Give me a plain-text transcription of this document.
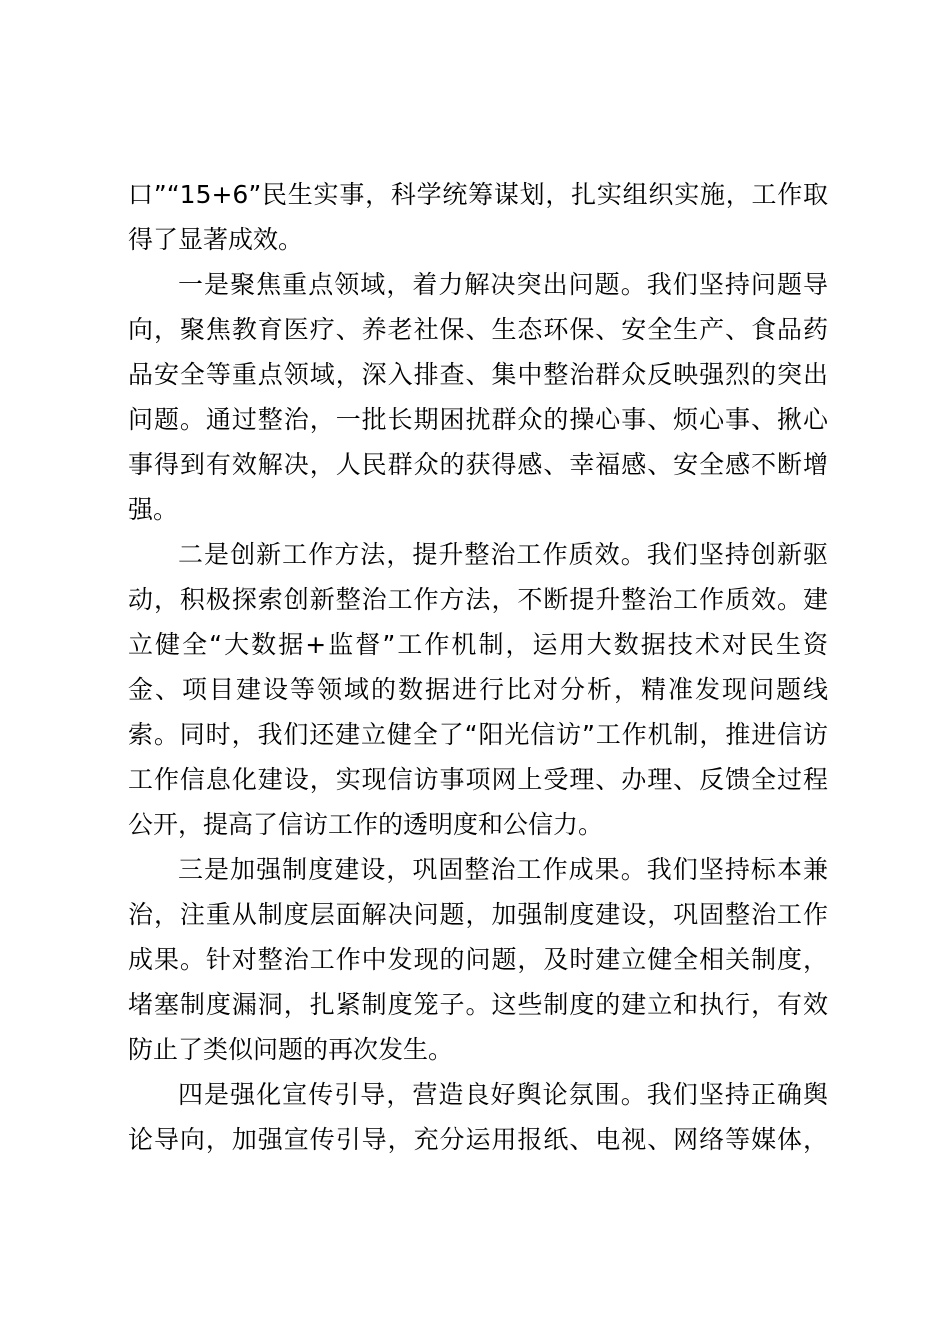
口”“15+6”民生实事，科学统筹谋划，扎实组织实施，工作取
得了显著成效。
一是聚焦重点领域，着力解决突出问题。我们坚持问题导
向，聚焦教育医疗、养老社保、生态环保、安全生产、食品药
品安全等重点领域，深入排查、集中整治群众反映强烈的突出
问题。通过整治，一批长期困扰群众的操心事、烦心事、揪心
事得到有效解决，人民群众的获得感、幸福感、安全感不断增
强。
二是创新工作方法，提升整治工作质效。我们坚持创新驱
动，积极探索创新整治工作方法，不断提升整治工作质效。建
立健全“大数据+监督”工作机制，运用大数据技术对民生资
金、项目建设等领域的数据进行比对分析，精准发现问题线
索。同时，我们还建立健全了“阳光信访”工作机制，推进信访
工作信息化建设，实现信访事项网上受理、办理、反馈全过程
公开，提高了信访工作的透明度和公信力。
三是加强制度建设，巩固整治工作成果。我们坚持标本兼
治，注重从制度层面解决问题，加强制度建设，巩固整治工作
成果。针对整治工作中发现的问题，及时建立健全相关制度，
堵塞制度漏洞，扎紧制度笼子。这些制度的建立和执行，有效
防止了类似问题的再次发生。
四是强化宣传引导，营造良好舆论氛围。我们坚持正确舆
论导向，加强宣传引导，充分运用报纸、电视、网络等媒体，
